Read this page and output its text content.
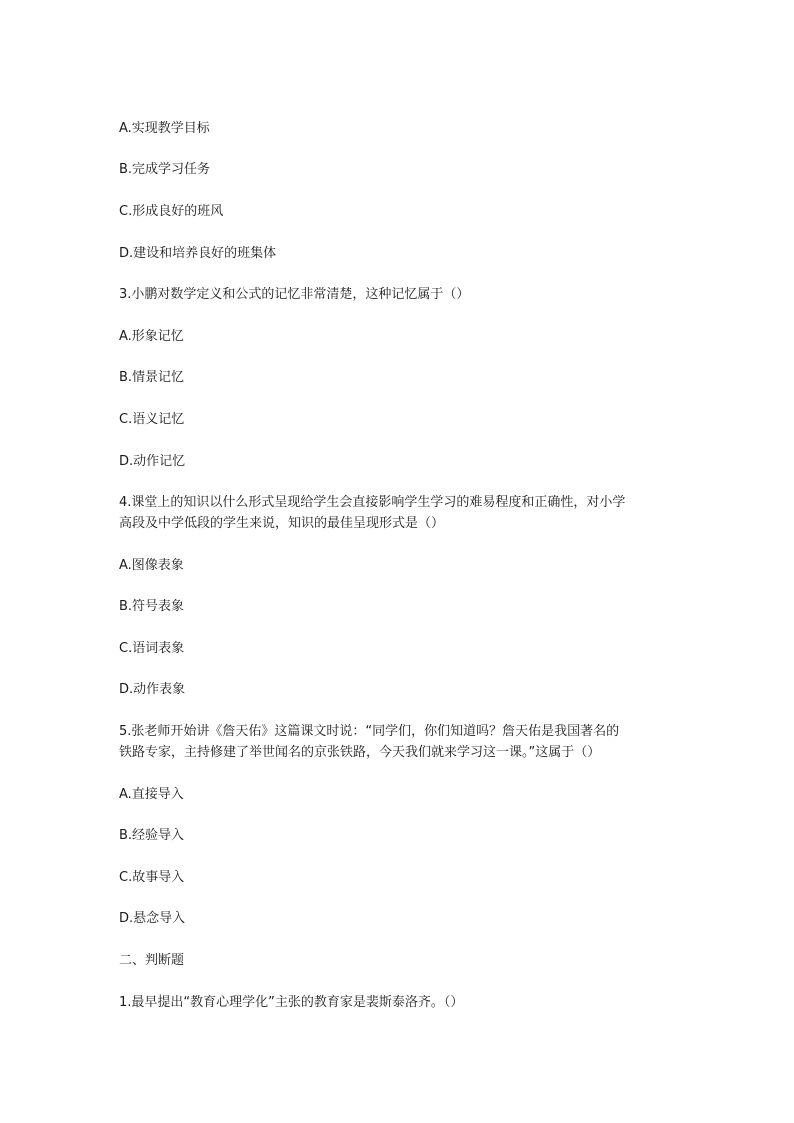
A.实现教学目标
B.完成学习任务
C.形成良好的班风
D.建设和培养良好的班集体
3.小鹏对数学定义和公式的记忆非常清楚，这种记忆属于（）
A.形象记忆
B.情景记忆
C.语义记忆
D.动作记忆
4.课堂上的知识以什么形式呈现给学生会直接影响学生学习的难易程度和正确性，对小学
高段及中学低段的学生来说，知识的最佳呈现形式是（）
A.图像表象
B.符号表象
C.语词表象
D.动作表象
5.张老师开始讲《詹天佑》这篇课文时说：“同学们，你们知道吗？詹天佑是我国著名的
铁路专家，主持修建了举世闻名的京张铁路，今天我们就来学习这一课。”这属于（）
A.直接导入
B.经验导入
C.故事导入
D.悬念导入
二、判断题
1.最早提出“教育心理学化”主张的教育家是裴斯泰洛齐。（）
